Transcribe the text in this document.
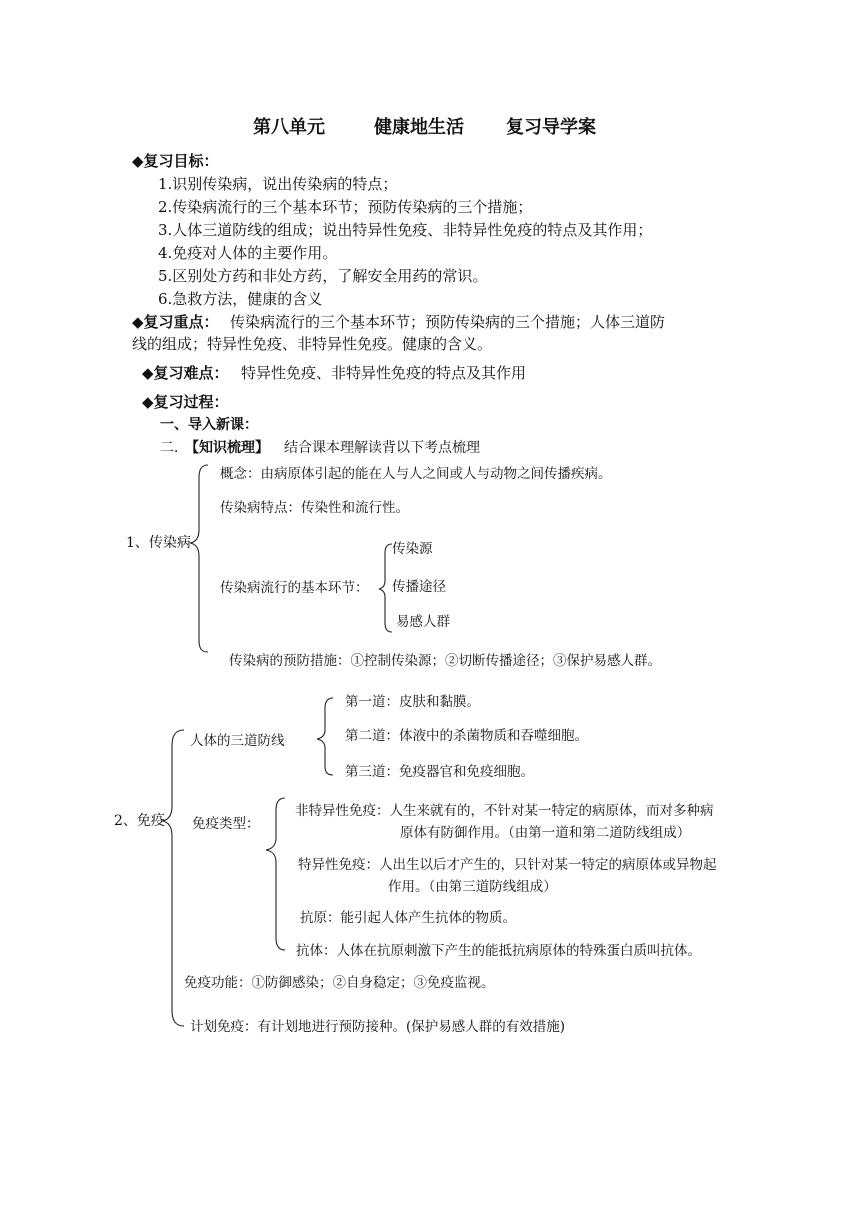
第八单元	健康地生活 复习导学案
◆复习目标：
1.识别传染病，说出传染病的特点；
2.传染病流行的三个基本环节；预防传染病的三个措施；
3.人体三道防线的组成；说出特异性免疫、非特异性免疫的特点及其作用；
4.免疫对人体的主要作用。
5.区别处方药和非处方药，了解安全用药的常识。
6.急救方法，健康的含义
◆复习重点： 传染病流行的三个基本环节；预防传染病的三个措施；人体三道防
线的组成；特异性免疫、非特异性免疫。健康的含义。
◆复习难点： 特异性免疫、非特异性免疫的特点及其作用
◆复习过程：
一、导入新课：
二．
【知识梳理】 结合课本理解读背以下考点梳理
1、传染病
概念：由病原体引起的能在人与人之间或人与动物之间传播疾病。
传染病特点：传染性和流行性。
传染病流行的基本环节：
传染源
传播途径
易感人群
传染病的预防措施：①控制传染源；②切断传播途径；③保护易感人群。
2、免疫
人体的三道防线
第一道：皮肤和黏膜。
第二道：体液中的杀菌物质和吞噬细胞。
第三道：免疫器官和免疫细胞。
免疫类型：
非特异性免疫：人生来就有的，不针对某一特定的病原体，而对多种病
原体有防御作用。（由第一道和第二道防线组成）
特异性免疫：人出生以后才产生的，只针对某一特定的病原体或异物起
作用。（由第三道防线组成）
抗原：能引起人体产生抗体的物质。
抗体：人体在抗原刺激下产生的能抵抗病原体的特殊蛋白质叫抗体。
免疫功能：①防御感染；②自身稳定；③免疫监视。
计划免疫：有计划地进行预防接种。(保护易感人群的有效措施)
